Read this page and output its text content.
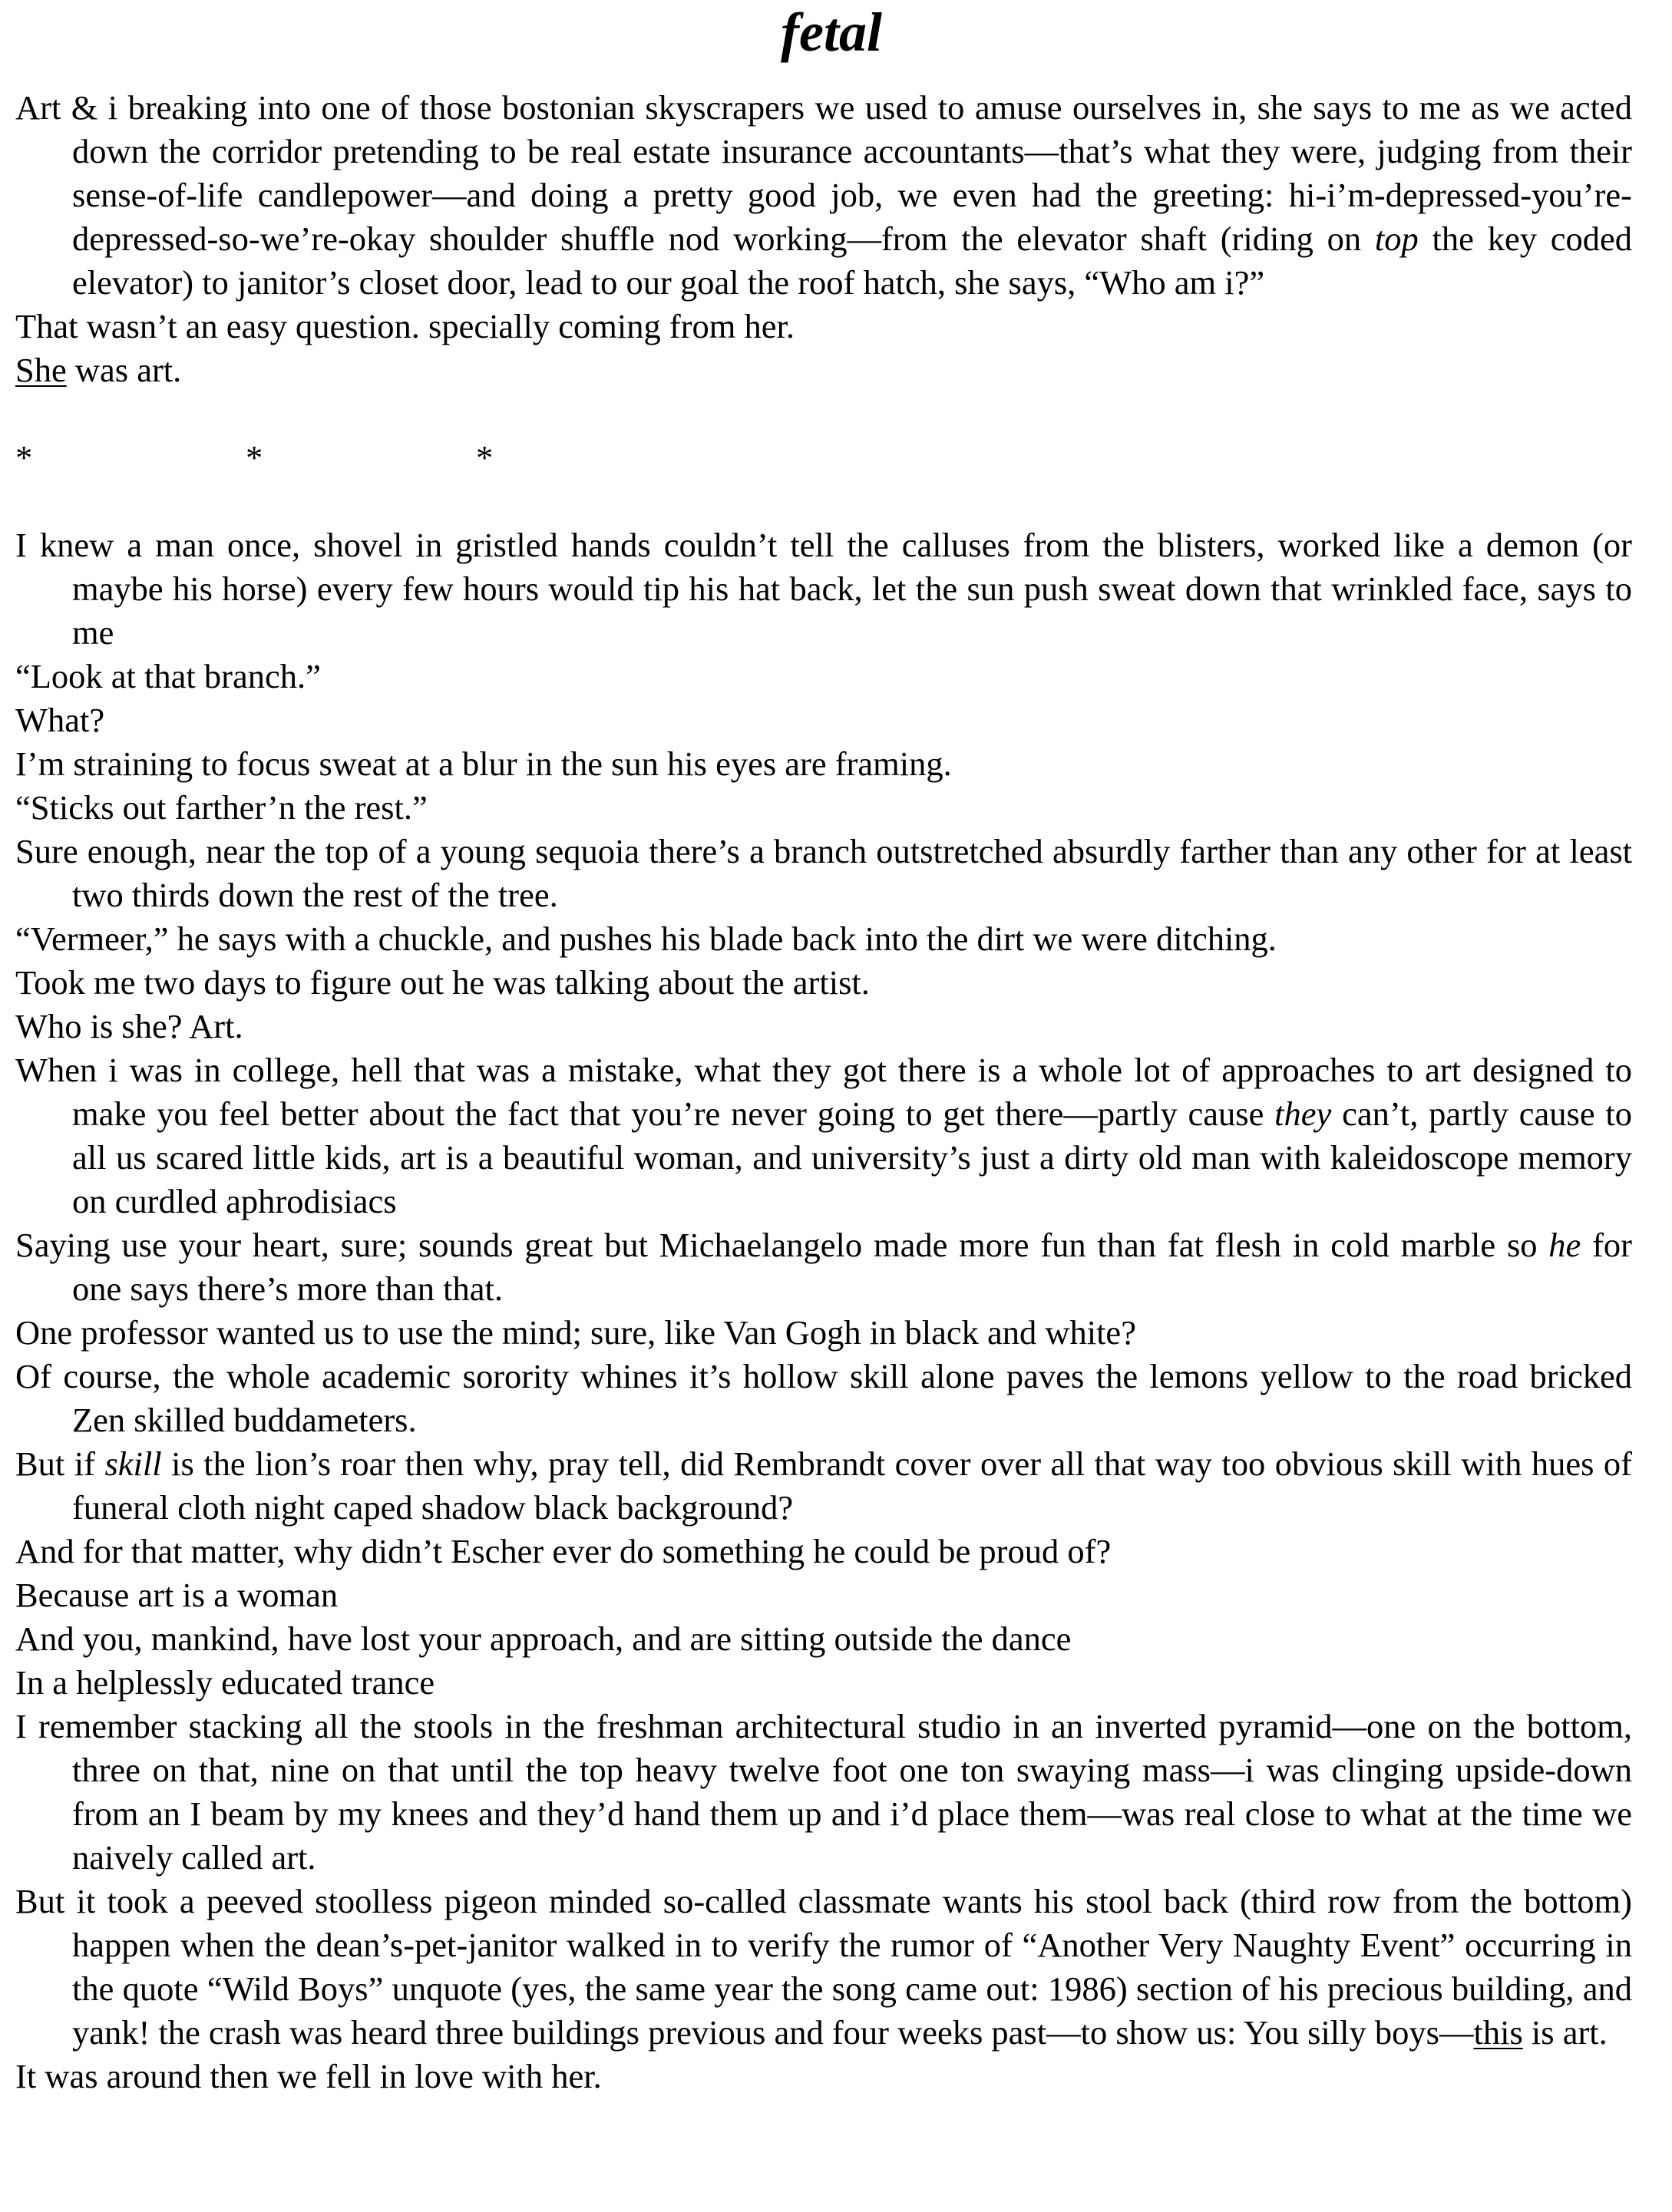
fetal

Art & i breaking into one of those bostonian skyscrapers we used to amuse ourselves in, she says to me as we acted down the corridor pretending to be real estate insurance accountants—that’s what they were, judging from their sense-of-life candlepower—and doing a pretty good job, we even had the greeting: hi-i’m-depressed-you’re-depressed-so-we’re-okay shoulder shuffle nod working—from the elevator shaft (riding on top the key coded elevator) to janitor’s closet door, lead to our goal the roof hatch, she says, “Who am i?”

That wasn’t an easy question. specially coming from her.

She was art.

*	*	*

I knew a man once, shovel in gristled hands couldn’t tell the calluses from the blisters, worked like a demon (or maybe his horse) every few hours would tip his hat back, let the sun push sweat down that wrinkled face, says to me

“Look at that branch.”

What?

I’m straining to focus sweat at a blur in the sun his eyes are framing.

“Sticks out farther’n the rest.”

Sure enough, near the top of a young sequoia there’s a branch outstretched absurdly farther than any other for at least two thirds down the rest of the tree.

“Vermeer,” he says with a chuckle, and pushes his blade back into the dirt we were ditching.

Took me two days to figure out he was talking about the artist.

Who is she? Art.

When i was in college, hell that was a mistake, what they got there is a whole lot of approaches to art designed to make you feel better about the fact that you’re never going to get there—partly cause they can’t, partly cause to all us scared little kids, art is a beautiful woman, and university’s just a dirty old man with kaleidoscope memory on curdled aphrodisiacs

Saying use your heart, sure; sounds great but Michaelangelo made more fun than fat flesh in cold marble so he for one says there’s more than that.

One professor wanted us to use the mind; sure, like Van Gogh in black and white?

Of course, the whole academic sorority whines it’s hollow skill alone paves the lemons yellow to the road bricked Zen skilled buddameters.

But if skill is the lion’s roar then why, pray tell, did Rembrandt cover over all that way too obvious skill with hues of funeral cloth night caped shadow black background?

And for that matter, why didn’t Escher ever do something he could be proud of?

Because art is a woman

And you, mankind, have lost your approach, and are sitting outside the dance

In a helplessly educated trance

I remember stacking all the stools in the freshman architectural studio in an inverted pyramid—one on the bottom, three on that, nine on that until the top heavy twelve foot one ton swaying mass—i was clinging upside-down from an I beam by my knees and they’d hand them up and i’d place them—was real close to what at the time we naively called art.

But it took a peeved stoolless pigeon minded so-called classmate wants his stool back (third row from the bottom) happen when the dean’s-pet-janitor walked in to verify the rumor of “Another Very Naughty Event” occurring in the quote “Wild Boys” unquote (yes, the same year the song came out: 1986) section of his precious building, and yank! the crash was heard three buildings previous and four weeks past—to show us: You silly boys—this is art.

It was around then we fell in love with her.
